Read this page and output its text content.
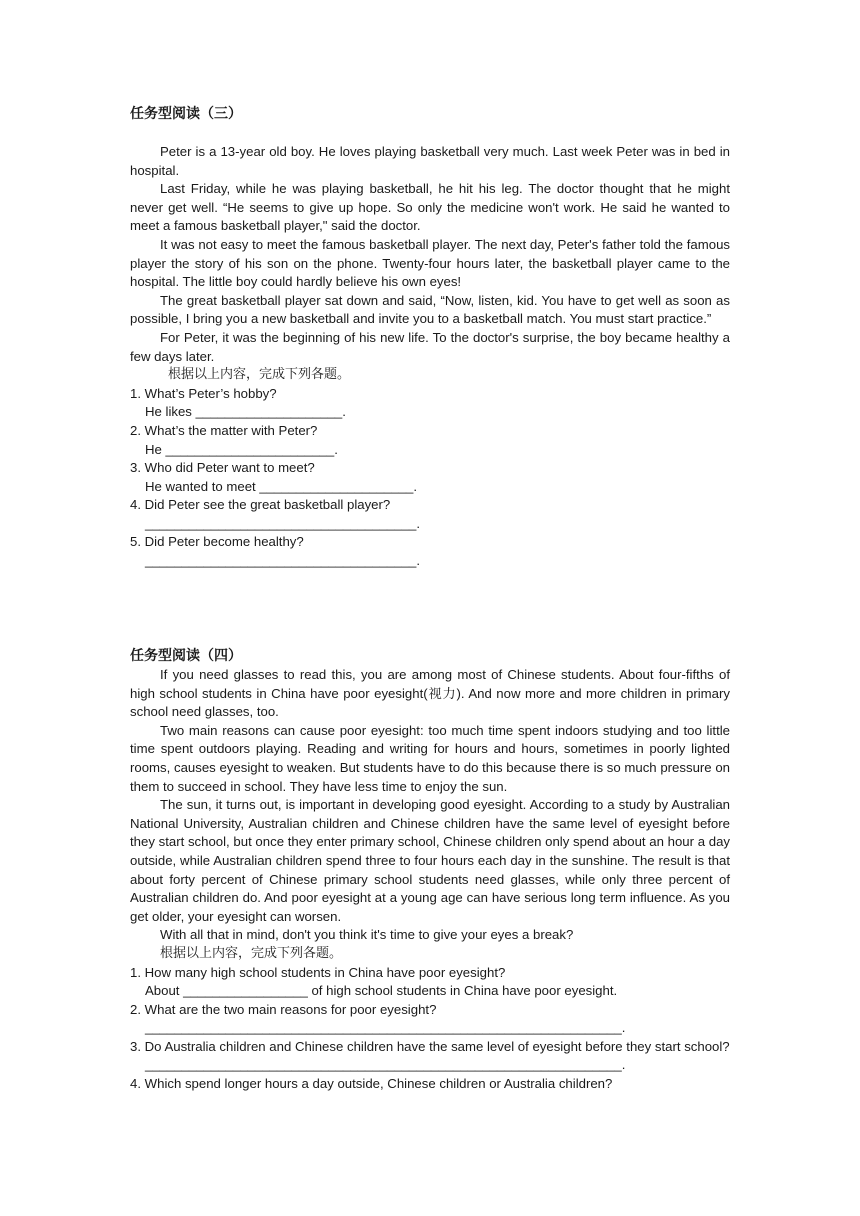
任务型阅读（三）

Peter is a 13-year old boy. He loves playing basketball very much. Last week Peter was in bed in hospital.

Last Friday, while he was playing basketball, he hit his leg. The doctor thought that he might never get well. “He seems to give up hope. So only the medicine won't work. He said he wanted to meet a famous basketball player," said the doctor.

It was not easy to meet the famous basketball player. The next day, Peter's father told the famous player the story of his son on the phone. Twenty-four hours later, the basketball player came to the hospital. The little boy could hardly believe his own eyes!

The great basketball player sat down and said, “Now, listen, kid. You have to get well as soon as possible, I bring you a new basketball and invite you to a basketball match. You must start practice.”

For Peter, it was the beginning of his new life. To the doctor's surprise, the boy became healthy a few days later.

根据以上内容，完成下列各题。
1. What’s Peter’s hobby?
He likes ____________________.
2. What’s the matter with Peter?
He _______________________.
3. Who did Peter want to meet?
He wanted to meet _____________________.
4. Did Peter see the great basketball player?
_____________________________________.
5. Did Peter become healthy?
_____________________________________.
任务型阅读（四）

If you need glasses to read this, you are among most of Chinese students. About four-fifths of high school students in China have poor eyesight(视力). And now more and more children in primary school need glasses, too.

Two main reasons can cause poor eyesight: too much time spent indoors studying and too little time spent outdoors playing. Reading and writing for hours and hours, sometimes in poorly lighted rooms, causes eyesight to weaken. But students have to do this because there is so much pressure on them to succeed in school. They have less time to enjoy the sun.

The sun, it turns out, is important in developing good eyesight. According to a study by Australian National University, Australian children and Chinese children have the same level of eyesight before they start school, but once they enter primary school, Chinese children only spend about an hour a day outside, while Australian children spend three to four hours each day in the sunshine. The result is that about forty percent of Chinese primary school students need glasses, while only three percent of Australian children do. And poor eyesight at a young age can have serious long term influence. As you get older, your eyesight can worsen.

With all that in mind, don't you think it's time to give your eyes a break?

根据以上内容，完成下列各题。
1. How many high school students in China have poor eyesight?
About _________________ of high school students in China have poor eyesight.
2. What are the two main reasons for poor eyesight?
_________________________________________________________________.
3. Do Australia children and Chinese children have the same level of eyesight before they start school?
_________________________________________________________________.
4. Which spend longer hours a day outside, Chinese children or Australia children?
